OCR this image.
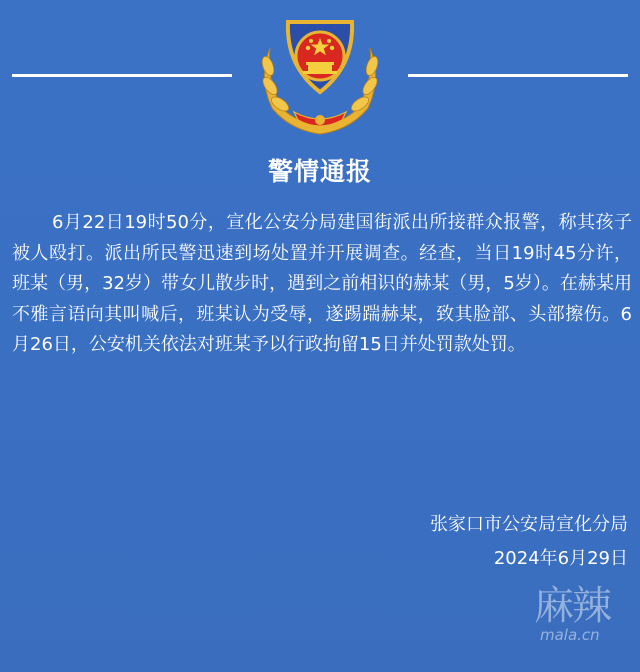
警情通报
6月22日19时50分，宣化公安分局建国街派出所接群众报警，称其孩子被人殴打。派出所民警迅速到场处置并开展调查。经查，当日19时45分许，班某（男，32岁）带女儿散步时，遇到之前相识的赫某（男，5岁）。在赫某用不雅言语向其叫喊后，班某认为受辱，遂踢踹赫某，致其脸部、头部擦伤。6月26日，公安机关依法对班某予以行政拘留15日并处罚款处罚。
张家口市公安局宣化分局
2024年6月29日
麻辣
mala.cn
